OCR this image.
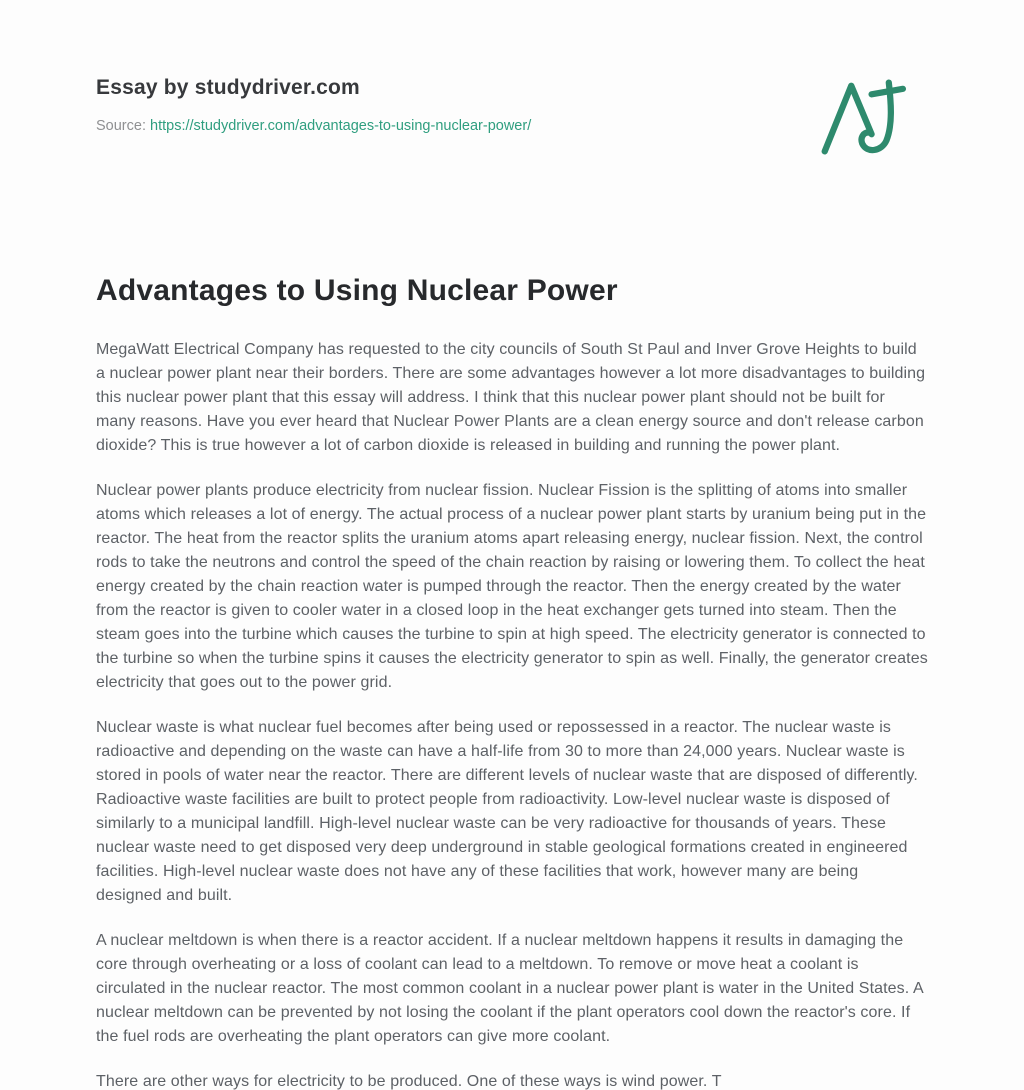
Essay by studydriver.com

Source: https://studydriver.com/advantages-to-using-nuclear-power/

Advantages to Using Nuclear Power

MegaWatt Electrical Company has requested to the city councils of South St Paul and Inver Grove Heights to build a nuclear power plant near their borders. There are some advantages however a lot more disadvantages to building this nuclear power plant that this essay will address. I think that this nuclear power plant should not be built for many reasons. Have you ever heard that Nuclear Power Plants are a clean energy source and don't release carbon dioxide? This is true however a lot of carbon dioxide is released in building and running the power plant.

Nuclear power plants produce electricity from nuclear fission. Nuclear Fission is the splitting of atoms into smaller atoms which releases a lot of energy. The actual process of a nuclear power plant starts by uranium being put in the reactor. The heat from the reactor splits the uranium atoms apart releasing energy, nuclear fission. Next, the control rods to take the neutrons and control the speed of the chain reaction by raising or lowering them. To collect the heat energy created by the chain reaction water is pumped through the reactor. Then the energy created by the water from the reactor is given to cooler water in a closed loop in the heat exchanger gets turned into steam. Then the steam goes into the turbine which causes the turbine to spin at high speed. The electricity generator is connected to the turbine so when the turbine spins it causes the electricity generator to spin as well. Finally, the generator creates electricity that goes out to the power grid.

Nuclear waste is what nuclear fuel becomes after being used or repossessed in a reactor. The nuclear waste is radioactive and depending on the waste can have a half-life from 30 to more than 24,000 years. Nuclear waste is stored in pools of water near the reactor. There are different levels of nuclear waste that are disposed of differently. Radioactive waste facilities are built to protect people from radioactivity. Low-level nuclear waste is disposed of similarly to a municipal landfill. High-level nuclear waste can be very radioactive for thousands of years. These nuclear waste need to get disposed very deep underground in stable geological formations created in engineered facilities. High-level nuclear waste does not have any of these facilities that work, however many are being designed and built.

A nuclear meltdown is when there is a reactor accident. If a nuclear meltdown happens it results in damaging the core through overheating or a loss of coolant can lead to a meltdown. To remove or move heat a coolant is circulated in the nuclear reactor. The most common coolant in a nuclear power plant is water in the United States. A nuclear meltdown can be prevented by not losing the coolant if the plant operators cool down the reactor's core. If the fuel rods are overheating the plant operators can give more coolant.

There are other ways for electricity to be produced. One of these ways is wind power. T
